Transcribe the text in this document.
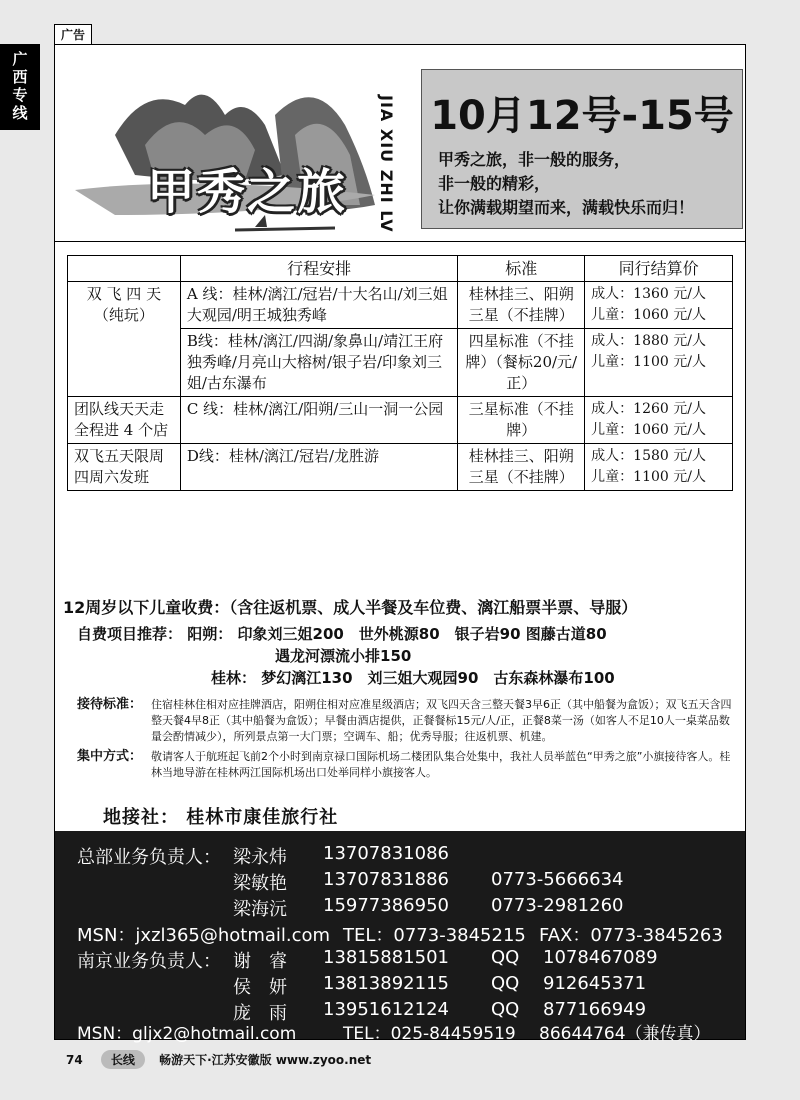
广告
广西专线
甲秀之旅 JIA XIU ZHI LV 10月12号-15号
甲秀之旅，非一般的服务，
非一般的精彩，
让你满载期望而来，满载快乐而归！
	行程安排	标准	同行结算价
双 飞 四 天（纯玩）	A 线：桂林/漓江/冠岩/十大名山/刘三姐大观园/明王城独秀峰	桂林挂三、阳朔三星（不挂牌）	成人：1360 元/人
儿童：1060 元/人

	B线：桂林/漓江/四湖/象鼻山/靖江王府独秀峰/月亮山大榕树/银子岩/印象刘三姐/古东瀑布	四星标准（不挂牌）（餐标20/元/正）	成人：1880 元/人
儿童：1100 元/人

团队线天天走全程进 4 个店	C 线：桂林/漓江/阳朔/三山一洞一公园	三星标准（不挂牌）	成人：1260 元/人
儿童：1060 元/人

双飞五天限周四周六发班	D线：桂林/漓江/冠岩/龙胜游	桂林挂三、阳朔三星（不挂牌）	成人：1580 元/人
儿童：1100 元/人
12周岁以下儿童收费：（含往返机票、成人半餐及车位费、漓江船票半票、导服）
自费项目推荐： 阳朔： 印象刘三姐200　世外桃源80　银子岩90 图藤古道80
遇龙河漂流小排150
桂林： 梦幻漓江130　刘三姐大观园90　古东森林瀑布100
接待标准：	住宿桂林住相对应挂牌酒店，阳朔住相对应准星级酒店；双飞四天含三整天餐3早6正（其中船餐为盒饭）；双飞五天含四整天餐4早8正（其中船餐为盒饭）；早餐由酒店提供，正餐餐标15元/人/正，正餐8菜一汤（如客人不足10人一桌菜品数量会酌情减少），所列景点第一大门票；空调车、船；优秀导服；往返机票、机建。
集中方式：	敬请客人于航班起飞前2个小时到南京禄口国际机场二楼团队集合处集中，我社人员举蓝色“甲秀之旅”小旗接待客人。桂林当地导游在桂林两江国际机场出口处举同样小旗接客人。
地接社： 桂林市康佳旅行社
总部业务负责人： 梁永炜 13707831086
梁敏艳 13707831886 0773-5666634
梁海沅 15977386950 0773-2981260
MSN：jxzl365@hotmail.com TEL：0773-3845215 FAX：0773-3845263
南京业务负责人： 谢　睿 13815881501 QQ 1078467089
侯　妍 13813892115 QQ 912645371
庞　雨 13951612124 QQ 877166949
MSN：gljx2@hotmail.com	TEL：025-84459519 86644764（兼传真）
74 长线 畅游天下·江苏安徽版 www.zyoo.net
